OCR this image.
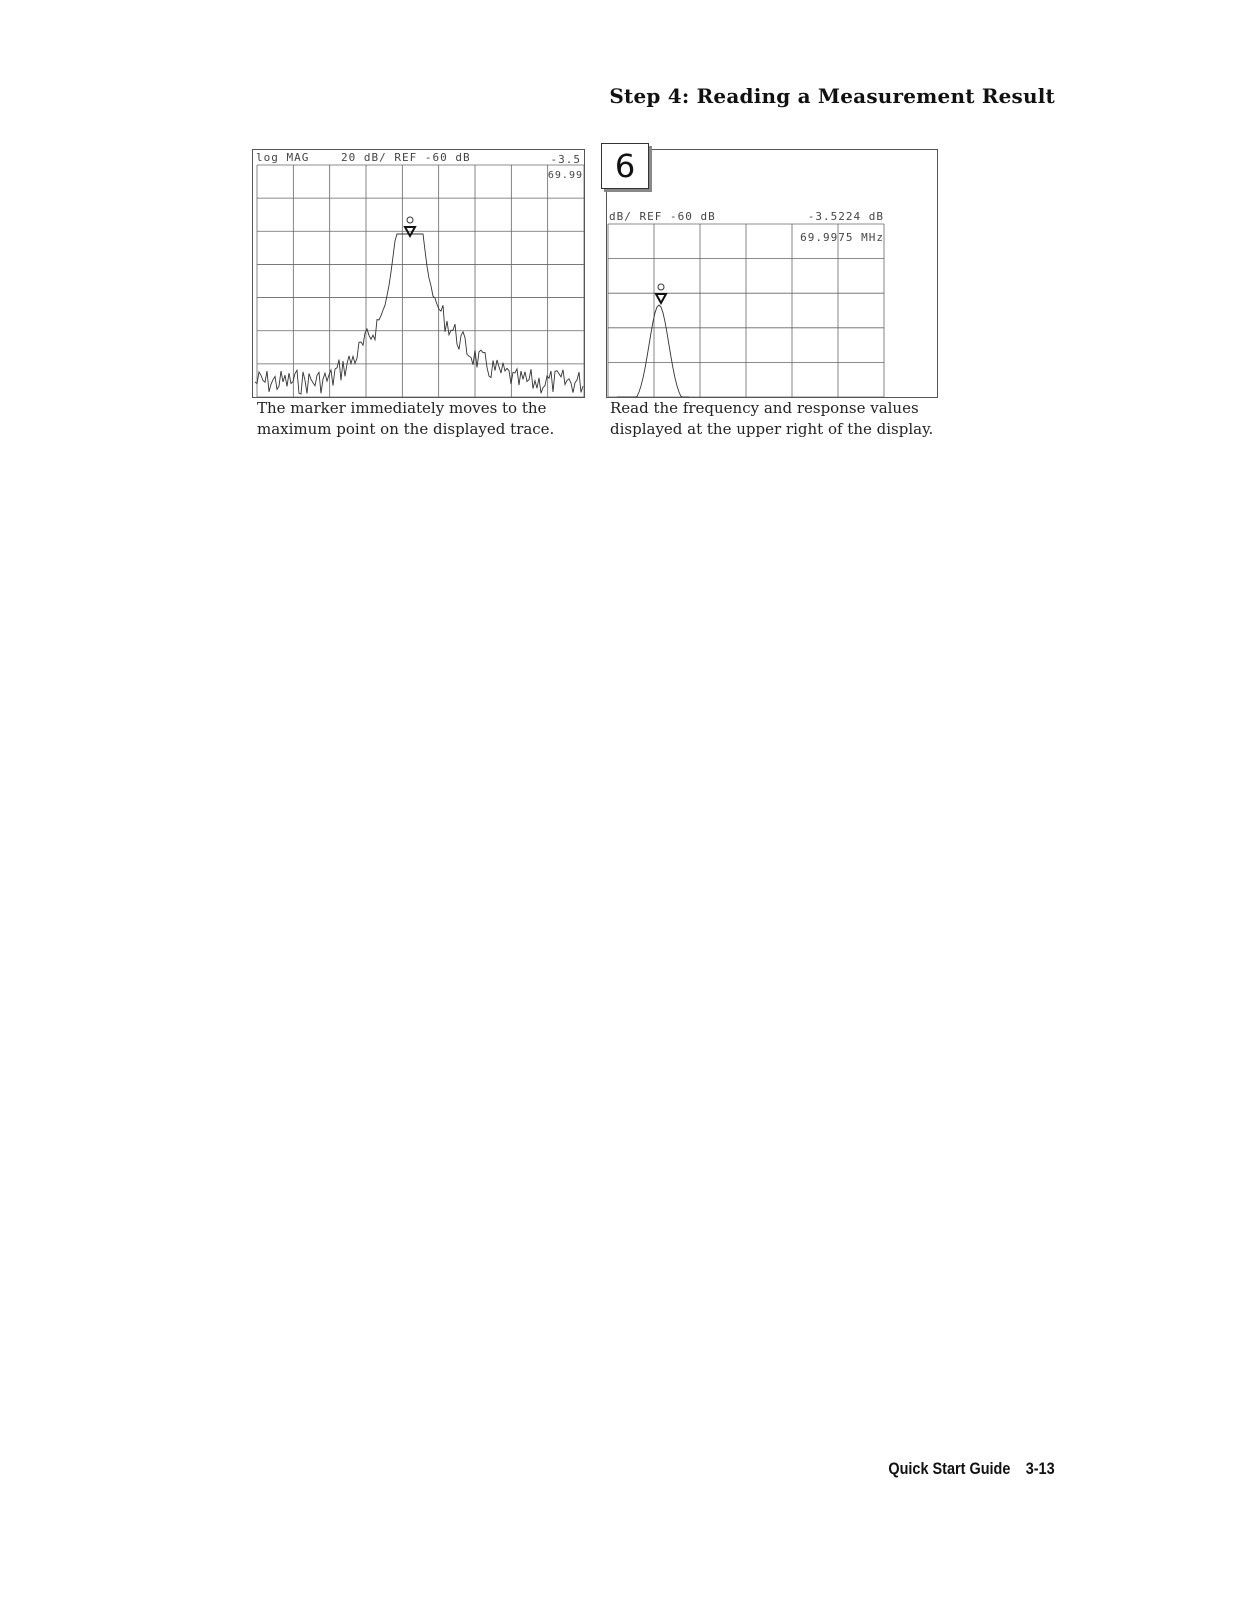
Step 4: Reading a Measurement Result
log MAG	20 dB/ REF -60 dB	-3.5
69.99
The marker immediately moves to the
maximum point on the displayed trace.
dB/ REF -60 dB	-3.5224 dB
69.9975 MHz
6
Read the frequency and response values
displayed at the upper right of the display.
Quick Start Guide 3-13
